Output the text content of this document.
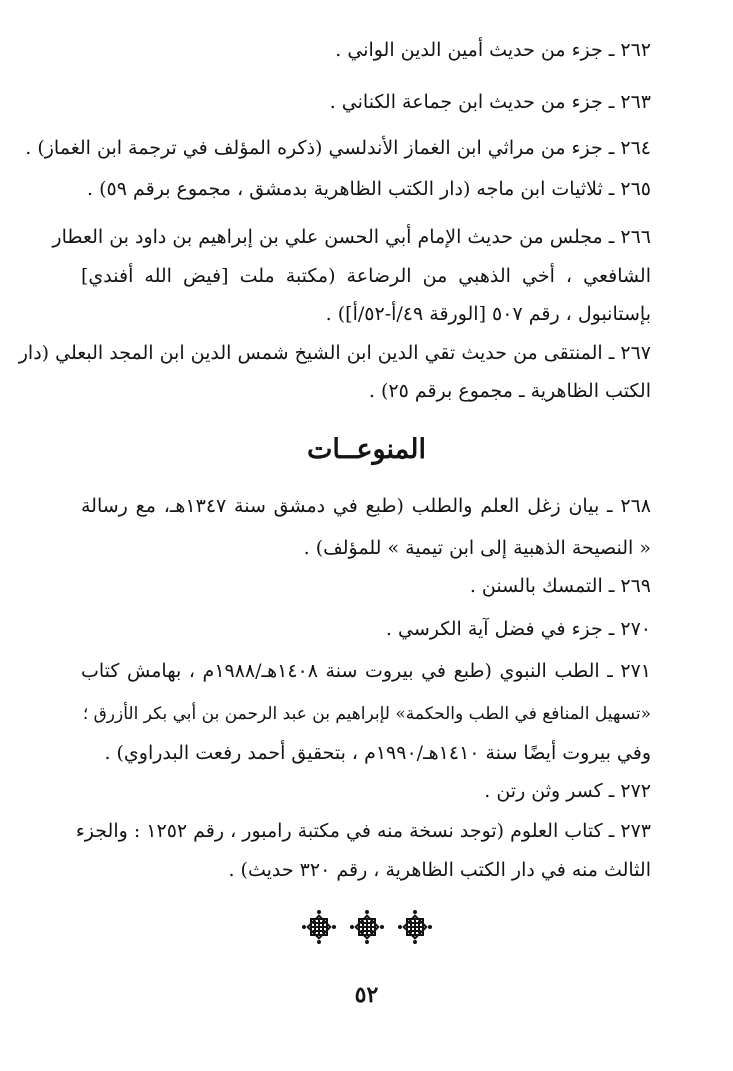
٢٦٢ ـ جزء من حديث أمين الدين الواني .
٢٦٣ ـ جزء من حديث ابن جماعة الكناني .
٢٦٤ ـ جزء من مراثي ابن الغماز الأندلسي (ذكره المؤلف في ترجمة ابن الغماز) .
٢٦٥ ـ ثلاثيات ابن ماجه (دار الكتب الظاهرية بدمشق ، مجموع برقم ٥٩) .
٢٦٦ ـ مجلس من حديث الإمام أبي الحسن علي بن إبراهيم بن داود بن العطار
الشافعي ، أخي الذهبي من الرضاعة (مكتبة ملت [فيض الله أفندي]
بإستانبول ، رقم ٥٠٧ [الورقة ٤٩/أ-٥٢/أ]) .
٢٦٧ ـ المنتقى من حديث تقي الدين ابن الشيخ شمس الدين ابن المجد البعلي (دار
الكتب الظاهرية ـ مجموع برقم ٢٥) .
المنوعــات
٢٦٨ ـ بيان زغل العلم والطلب (طبع في دمشق سنة ١٣٤٧هـ، مع رسالة
« النصيحة الذهبية إلى ابن تيمية » للمؤلف) .
٢٦٩ ـ التمسك بالسنن .
٢٧٠ ـ جزء في فضل آية الكرسي .
٢٧١ ـ الطب النبوي (طبع في بيروت سنة ١٤٠٨هـ/١٩٨٨م ، بهامش كتاب
«تسهيل المنافع في الطب والحكمة» لإبراهيم بن عبد الرحمن بن أبي بكر الأزرق ؛
وفي بيروت أيضًا سنة ١٤١٠هـ/١٩٩٠م ، بتحقيق أحمد رفعت البدراوي) .
٢٧٢ ـ كسر وثن رتن .
٢٧٣ ـ كتاب العلوم (توجد نسخة منه في مكتبة رامبور ، رقم ١٢٥٢ : والجزء
الثالث منه في دار الكتب الظاهرية ، رقم ٣٢٠ حديث) .
٥٢
